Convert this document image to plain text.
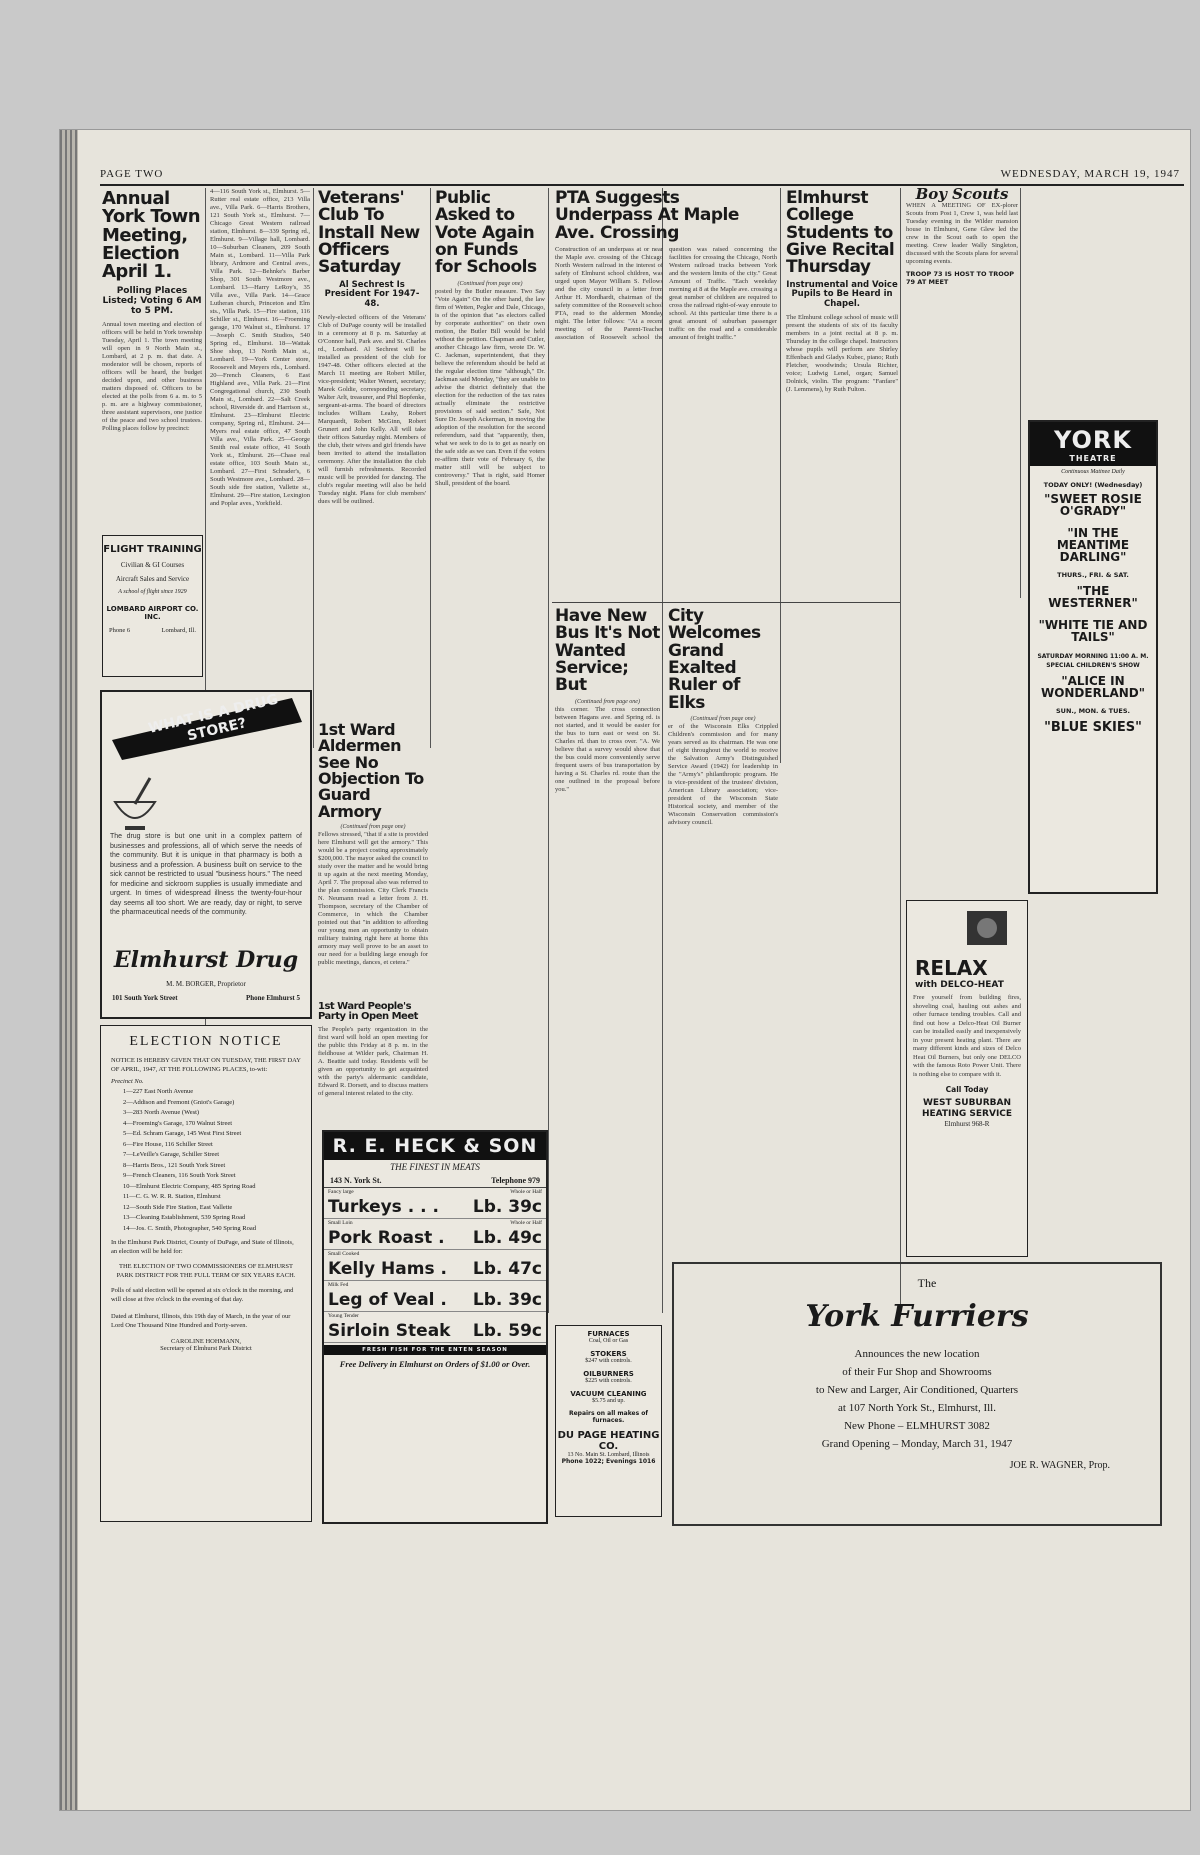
PAGE TWO	WEDNESDAY, MARCH 19, 1947
Annual York Town Meeting, Election April 1.
Polling Places Listed; Voting 6 AM to 5 PM.
Annual town meeting and election of officers will be held in York township Tuesday, April 1. The town meeting will open in 9 North Main st., Lombard, at 2 p. m. that date. A moderator will be chosen, reports of officers will be heard, the budget decided upon, and other business matters disposed of. Officers to be elected at the polls from 6 a. m. to 5 p. m. are a highway commissioner, three assistant supervisors, one justice of the peace and two school trustees. Polling places follow by precinct:
FLIGHT TRAINING
Civilian & GI Courses
Aircraft Sales and Service
A school of flight since 1929
LOMBARD AIRPORT CO. INC.
Phone 6	Lombard, Ill.
4—116 South York st., Elmhurst. 5—Rutter real estate office, 213 Villa ave., Villa Park. 6—Harris Brothers, 121 South York st., Elmhurst. 7—Chicago Great Western railroad station, Elmhurst. 8—339 Spring rd., Elmhurst. 9—Village hall, Lombard. 10—Suburban Cleaners, 209 South Main st., Lombard. 11—Villa Park library, Ardmore and Central aves., Villa Park. 12—Behnke's Barber Shop, 301 South Westmore ave., Lombard. 13—Harry LeRoy's, 35 Villa ave., Villa Park. 14—Grace Lutheran church, Princeton and Elm sts., Villa Park. 15—Fire station, 116 Schiller st., Elmhurst. 16—Froeming garage, 170 Walnut st., Elmhurst. 17—Joseph C. Smith Studios, 540 Spring rd., Elmhurst. 18—Wattak Shoe shop, 13 North Main st., Lombard. 19—York Center store, Roosevelt and Meyers rds., Lombard. 20—French Cleaners, 6 East Highland ave., Villa Park. 21—First Congregational church, 230 South Main st., Lombard. 22—Salt Creek school, Riverside dr. and Harrison st., Elmhurst. 23—Elmhurst Electric company, Spring rd., Elmhurst. 24—Myers real estate office, 47 South Villa ave., Villa Park. 25—George Smith real estate office, 41 South York st., Elmhurst. 26—Chase real estate office, 103 South Main st., Lombard. 27—First Schrader's, 6 South Westmore ave., Lombard. 28—South side fire station, Vallette st., Elmhurst. 29—Fire station, Lexington and Poplar aves., Yorkfield.
Veterans' Club To Install New Officers Saturday
Al Sechrest Is President For 1947-48.
Newly-elected officers of the Veterans' Club of DuPage county will be installed in a ceremony at 8 p. m. Saturday at O'Connor hall, Park ave. and St. Charles rd., Lombard. Al Sechrest will be installed as president of the club for 1947-48. Other officers elected at the March 11 meeting are Robert Miller, vice-president; Walter Wenert, secretary; Marek Goldie, corresponding secretary; Walter Arlt, treasurer, and Phil Bopfenke, sergeant-at-arms. The board of directors includes William Leahy, Robert Marquardt, Robert McGinn, Robert Grunert and John Kelly. All will take their offices Saturday night. Members of the club, their wives and girl friends have been invited to attend the installation ceremony. After the installation the club will furnish refreshments. Recorded music will be provided for dancing. The club's regular meeting will also be held Tuesday night. Plans for club members' dues will be outlined.
Public Asked to Vote Again on Funds for Schools
(Continued from page one)
posted by the Butler measure. Two Say "Vote Again" On the other hand, the law firm of Wetten, Pegler and Dale, Chicago, is of the opinion that "as electors called by corporate authorities" on their own motion, the Butler Bill would be held without the petition. Chapman and Cutler, another Chicago law firm, wrote Dr. W. C. Jackman, superintendent, that they believe the referendum should be held at the regular election time "although," Dr. Jackman said Monday, "they are unable to advise the district definitely that the election for the reduction of the tax rates actually eliminate the restrictive provisions of said section." Safe, Not Sure Dr. Joseph Ackerman, in moving the adoption of the resolution for the second referendum, said that "apparently, then, what we seek to do is to get as nearly on the safe side as we can. Even if the voters re-affirm their vote of February 6, the matter still will be subject to controversy." That is right, said Homer Shull, president of the board.
PTA Suggests Underpass At Maple Ave. Crossing
Construction of an underpass at or near the Maple ave. crossing of the Chicago North Western railroad in the interest of safety of Elmhurst school children, was urged upon Mayor William S. Fellows and the city council in a letter from Arthur H. Mordhardt, chairman of the safety committee of the Roosevelt school PTA, read to the aldermen Monday night. The letter follows: "At a recent meeting of the Parent-Teacher association of Roosevelt school the question was raised concerning the facilities for crossing the Chicago, North Western railroad tracks between York and the western limits of the city." Great Amount of Traffic. "Each weekday morning at 8 at the Maple ave. crossing a great number of children are required to cross the railroad right-of-way enroute to school. At this particular time there is a great amount of suburban passenger traffic on the road and a considerable amount of freight traffic."
Have New Bus It's Not Wanted Service; But
(Continued from page one)
this corner. The cross connection between Hagans ave. and Spring rd. is not started, and it would be easier for the bus to turn east or west on St. Charles rd. than to cross over. "A. We believe that a survey would show that the bus could more conveniently serve frequent users of bus transportation by having a St. Charles rd. route than the one outlined in the proposal before you."
City Welcomes Grand Exalted Ruler of Elks
(Continued from page one)
er of the Wisconsin Elks Crippled Children's commission and for many years served as its chairman. He was one of eight throughout the world to receive the Salvation Army's Distinguished Service Award (1942) for leadership in the "Army's" philanthropic program. He is vice-president of the trustees' division, American Library association; vice-president of the Wisconsin State Historical society, and member of the Wisconsin Conservation commission's advisory council.
Elmhurst College Students to Give Recital Thursday
Instrumental and Voice Pupils to Be Heard in Chapel.
The Elmhurst college school of music will present the students of six of its faculty members in a joint recital at 8 p. m. Thursday in the college chapel. Instructors whose pupils will perform are Shirley Effenbach and Gladys Kubec, piano; Ruth Fletcher, woodwinds; Ursula Richter, voice; Ludwig Lenel, organ; Samuel Dolnick, violin. The program: "Fanfare" (J. Lemmens), by Ruth Fulton.
Boy Scouts
WHEN A MEETING OF EX-plorer Scouts from Post 1, Crew 1, was held last Tuesday evening in the Wilder mansion house in Elmhurst, Gene Glew led the crew in the Scout oath to open the meeting. Crew leader Wally Singleton, discussed with the Scouts plans for several upcoming events.
TROOP 73 IS HOST TO TROOP 79 AT MEET
YORK
THEATRE
Continuous Matinee Daily
TODAY ONLY! (Wednesday)
"SWEET ROSIE O'GRADY"
"IN THE MEANTIME DARLING"
THURS., FRI. & SAT.
"THE WESTERNER"
"WHITE TIE AND TAILS"
SATURDAY MORNING 11:00 A. M.
SPECIAL CHILDREN'S SHOW
"ALICE IN WONDERLAND"
SUN., MON. & TUES.
"BLUE SKIES"
WHAT IS A DRUG STORE?
The drug store is but one unit in a complex pattern of businesses and professions, all of which serve the needs of the community. But it is unique in that pharmacy is both a business and a profession. A business built on service to the sick cannot be restricted to usual "business hours." The need for medicine and sickroom supplies is usually immediate and urgent. In times of widespread illness the twenty-four-hour day seems all too short. We are ready, day or night, to serve the pharmaceutical needs of the community.
Elmhurst Drug
M. M. BORGER, Proprietor
101 South York Street	Phone Elmhurst 5
1st Ward Aldermen See No Objection To Guard Armory
(Continued from page one)
Fellows stressed, "that if a site is provided here Elmhurst will get the armory." This would be a project costing approximately $200,000. The mayor asked the council to study over the matter and he would bring it up again at the next meeting Monday, April 7. The proposal also was referred to the plan commission. City Clerk Francis N. Neumann read a letter from J. H. Thompson, secretary of the Chamber of Commerce, in which the Chamber pointed out that "in addition to affording our young men an opportunity to obtain military training right here at home this armory may well prove to be an asset to our need for a building large enough for public meetings, dances, et cetera."
1st Ward People's Party in Open Meet
The People's party organization in the first ward will hold an open meeting for the public this Friday at 8 p. m. in the fieldhouse at Wilder park, Chairman H. A. Beattie said today. Residents will be given an opportunity to get acquainted with the party's aldermanic candidate, Edward R. Dorsett, and to discuss matters of general interest related to the city.
ELECTION NOTICE
NOTICE IS HEREBY GIVEN THAT ON TUESDAY, THE FIRST DAY OF APRIL, 1947, AT THE FOLLOWING PLACES, to-wit:
Precinct No.
1—227 East North Avenue
2—Addison and Fremont (Gniot's Garage)
3—283 North Avenue (West)
4—Froeming's Garage, 170 Walnut Street
5—Ed. Schram Garage, 145 West First Street
6—Fire House, 116 Schiller Street
7—LeVeille's Garage, Schiller Street
8—Harris Bros., 121 South York Street
9—French Cleaners, 116 South York Street
10—Elmhurst Electric Company, 485 Spring Road
11—C. G. W. R. R. Station, Elmhurst
12—South Side Fire Station, East Vallette
13—Cleaning Establishment, 539 Spring Road
14—Jos. C. Smith, Photographer, 540 Spring Road
In the Elmhurst Park District, County of DuPage, and State of Illinois, an election will be held for:
THE ELECTION OF TWO COMMISSIONERS OF ELMHURST PARK DISTRICT FOR THE FULL TERM OF SIX YEARS EACH.
Polls of said election will be opened at six o'clock in the morning, and will close at five o'clock in the evening of that day.
Dated at Elmhurst, Illinois, this 19th day of March, in the year of our Lord One Thousand Nine Hundred and Forty-seven.
CAROLINE HOHMANN,
Secretary of Elmhurst Park District
R. E. HECK & SON
THE FINEST IN MEATS
143 N. York St.	Telephone 979
Fancy large	Whole or Half
Turkeys . . . Lb. 39c
Small Loin	Whole or Half
Pork Roast . Lb. 49c
Small Cooked
Kelly Hams . Lb. 47c
Milk Fed
Leg of Veal . Lb. 39c
Young Tender
Sirloin Steak Lb. 59c
FRESH FISH FOR THE ENTEN SEASON
Free Delivery in Elmhurst on Orders of $1.00 or Over.
FURNACES
Coal, Oil or Gas
STOKERS
$247 with controls.
OILBURNERS
$225 with controls.
VACUUM CLEANING
$5.75 and up.
Repairs on all makes of furnaces.
DU PAGE HEATING CO.
13 No. Main St. Lombard, Illinois
Phone 1022; Evenings 1016
RELAX
with DELCO-HEAT
Free yourself from building fires, shoveling coal, hauling out ashes and other furnace tending troubles. Call and find out how a Delco-Heat Oil Burner can be installed easily and inexpensively in your present heating plant. There are many different kinds and sizes of Delco Heat Oil Burners, but only one DELCO with the famous Roto Power Unit. There is nothing else to compare with it.
Call Today
WEST SUBURBAN HEATING SERVICE
Elmhurst 968-R
The
York Furriers
Announces the new location
of their Fur Shop and Showrooms
to New and Larger, Air Conditioned, Quarters
at 107 North York St., Elmhurst, Ill.
New Phone – ELMHURST 3082
Grand Opening – Monday, March 31, 1947
JOE R. WAGNER, Prop.
